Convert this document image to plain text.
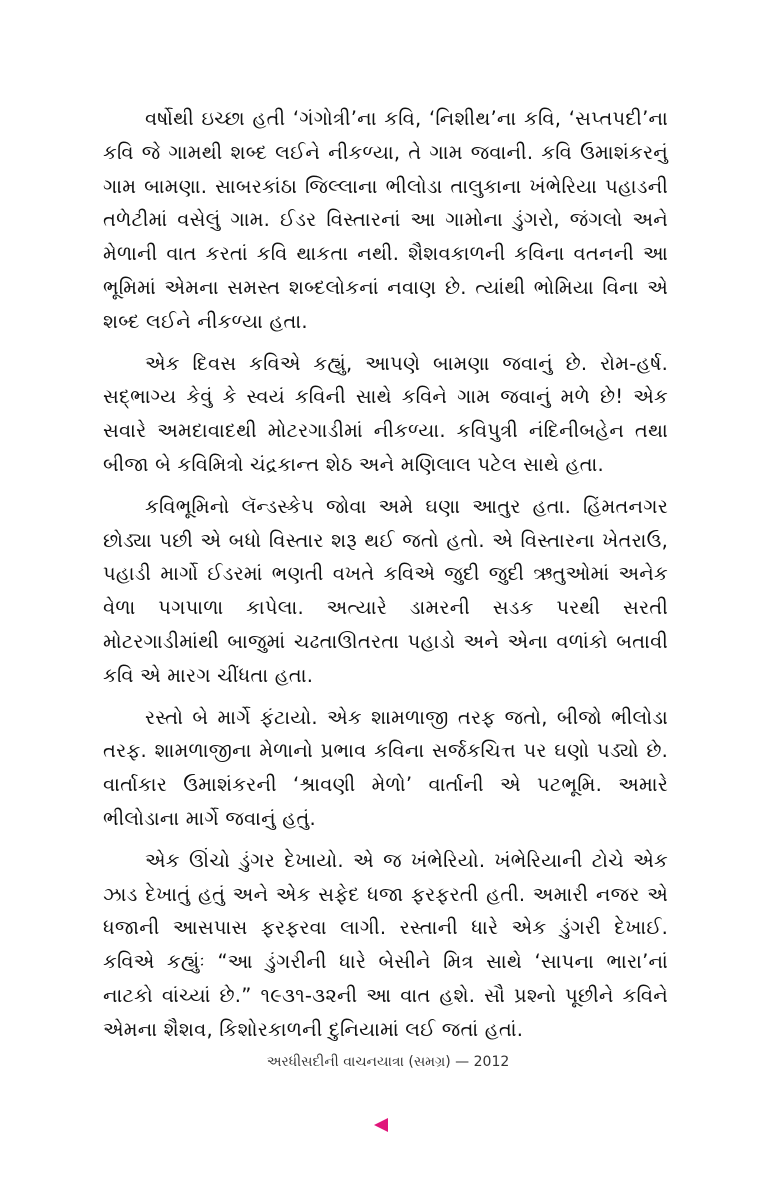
વર્ષોથી ઇચ્છા હતી ‘ગંગોત્રી’ના કવિ, ‘નિશીથ’ના કવિ, ‘સપ્તપદી’ના કવિ જે ગામથી શબ્દ લઈને નીકળ્યા, તે ગામ જવાની. કવિ ઉમાશંકરનું ગામ બામણા. સાબરકાંઠા જિલ્લાના ભીલોડા તાલુકાના ખંભેરિયા પહાડની તળેટીમાં વસેલું ગામ. ઈડર વિસ્તારનાં આ ગામોના ડુંગરો, જંગલો અને મેળાની વાત કરતાં કવિ થાકતા નથી. શૈશવકાળની કવિના વતનની આ ભૂમિમાં એમના સમસ્ત શબ્દલોકનાં નવાણ છે. ત્યાંથી ભોમિયા વિના એ શબ્દ લઈને નીકળ્યા હતા.

એક દિવસ કવિએ કહ્યું, આપણે બામણા જવાનું છે. રોમ-હર્ષ. સદ્‌ભાગ્ય કેવું કે સ્વયં કવિની સાથે કવિને ગામ જવાનું મળે છે! એક સવારે અમદાવાદથી મોટરગાડીમાં નીકળ્યા. કવિપુત્રી નંદિનીબહેન તથા બીજા બે કવિમિત્રો ચંદ્રકાન્ત શેઠ અને મણિલાલ પટેલ સાથે હતા.

કવિભૂમિનો લૅન્ડસ્કેપ જોવા અમે ઘણા આતુર હતા. હિંમતનગર છોડ્યા પછી એ બધો વિસ્તાર શરૂ થઈ જતો હતો. એ વિસ્તારના ખેતરાઉ, પહાડી માર્ગો ઈડરમાં ભણતી વખતે કવિએ જુદી જુદી ઋતુઓમાં અનેક વેળા પગપાળા કાપેલા. અત્યારે ડામરની સડક પરથી સરતી મોટરગાડીમાંથી બાજુમાં ચઢતાઊતરતા પહાડો અને એના વળાંકો બતાવી કવિ એ મારગ ચીંધતા હતા.

રસ્તો બે માર્ગે ફંટાયો. એક શામળાજી તરફ જતો, બીજો ભીલોડા તરફ. શામળાજીના મેળાનો પ્રભાવ કવિના સર્જકચિત્ત પર ઘણો પડ્યો છે. વાર્તાકાર ઉમાશંકરની ‘શ્રાવણી મેળો’ વાર્તાની એ પટભૂમિ. અમારે ભીલોડાના માર્ગે જવાનું હતું.

એક ઊંચો ડુંગર દેખાયો. એ જ ખંભેરિયો. ખંભેરિયાની ટોચે એક ઝાડ દેખાતું હતું અને એક સફેદ ધજા ફરફરતી હતી. અમારી નજર એ ધજાની આસપાસ ફરફરવા લાગી. રસ્તાની ધારે એક ડુંગરી દેખાઈ. કવિએ કહ્યુંઃ “આ ડુંગરીની ધારે બેસીને મિત્ર સાથે ‘સાપના ભારા’નાં નાટકો વાંચ્યાં છે.” ૧૯૩૧-૩૨ની આ વાત હશે. સૌ પ્રશ્નો પૂછીને કવિને એમના શૈશવ, કિશોરકાળની દુનિયામાં લઈ જતાં હતાં.

અરધીસદીની વાચનયાત્રા (સમગ્ર) — 2012
